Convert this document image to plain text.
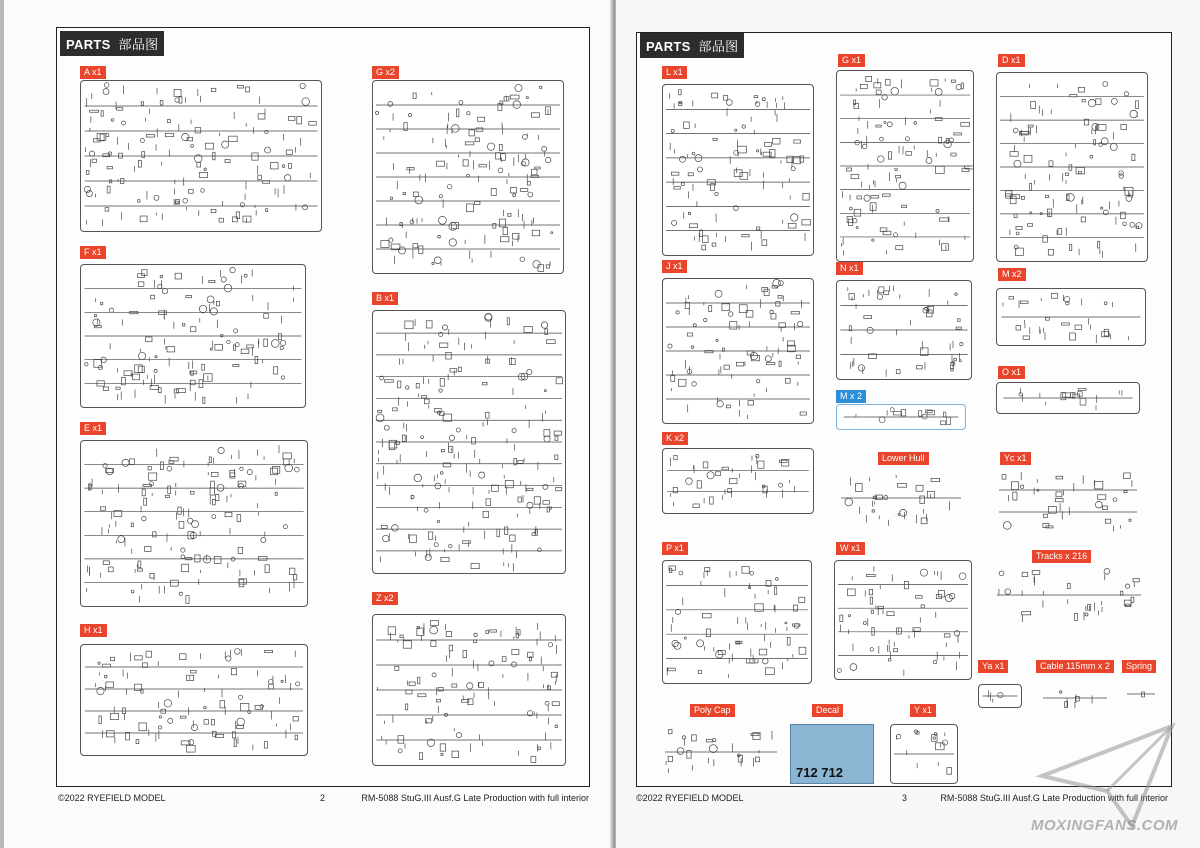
PARTS 部品图
A x1	G x2
F x1
B x1
E x1
Z x2
H x1
©2022 RYEFIELD MODEL	2	RM-5088 StuG.III Ausf.G Late Production with full interior
PARTS 部品图
L x1
G x1	D x1
J x1	N x1
M x2
M x 2
O x1
K x2
Lower Hull	Yc x1
Tracks x 216
P x1	W x1
Ya x1	Cable 115mm x 2	Spring
Poly Cap	Decal
712 712
Y x1
©2022 RYEFIELD MODEL	3	RM-5088 StuG.III Ausf.G Late Production with full interior
MOXINGFANS.COM
